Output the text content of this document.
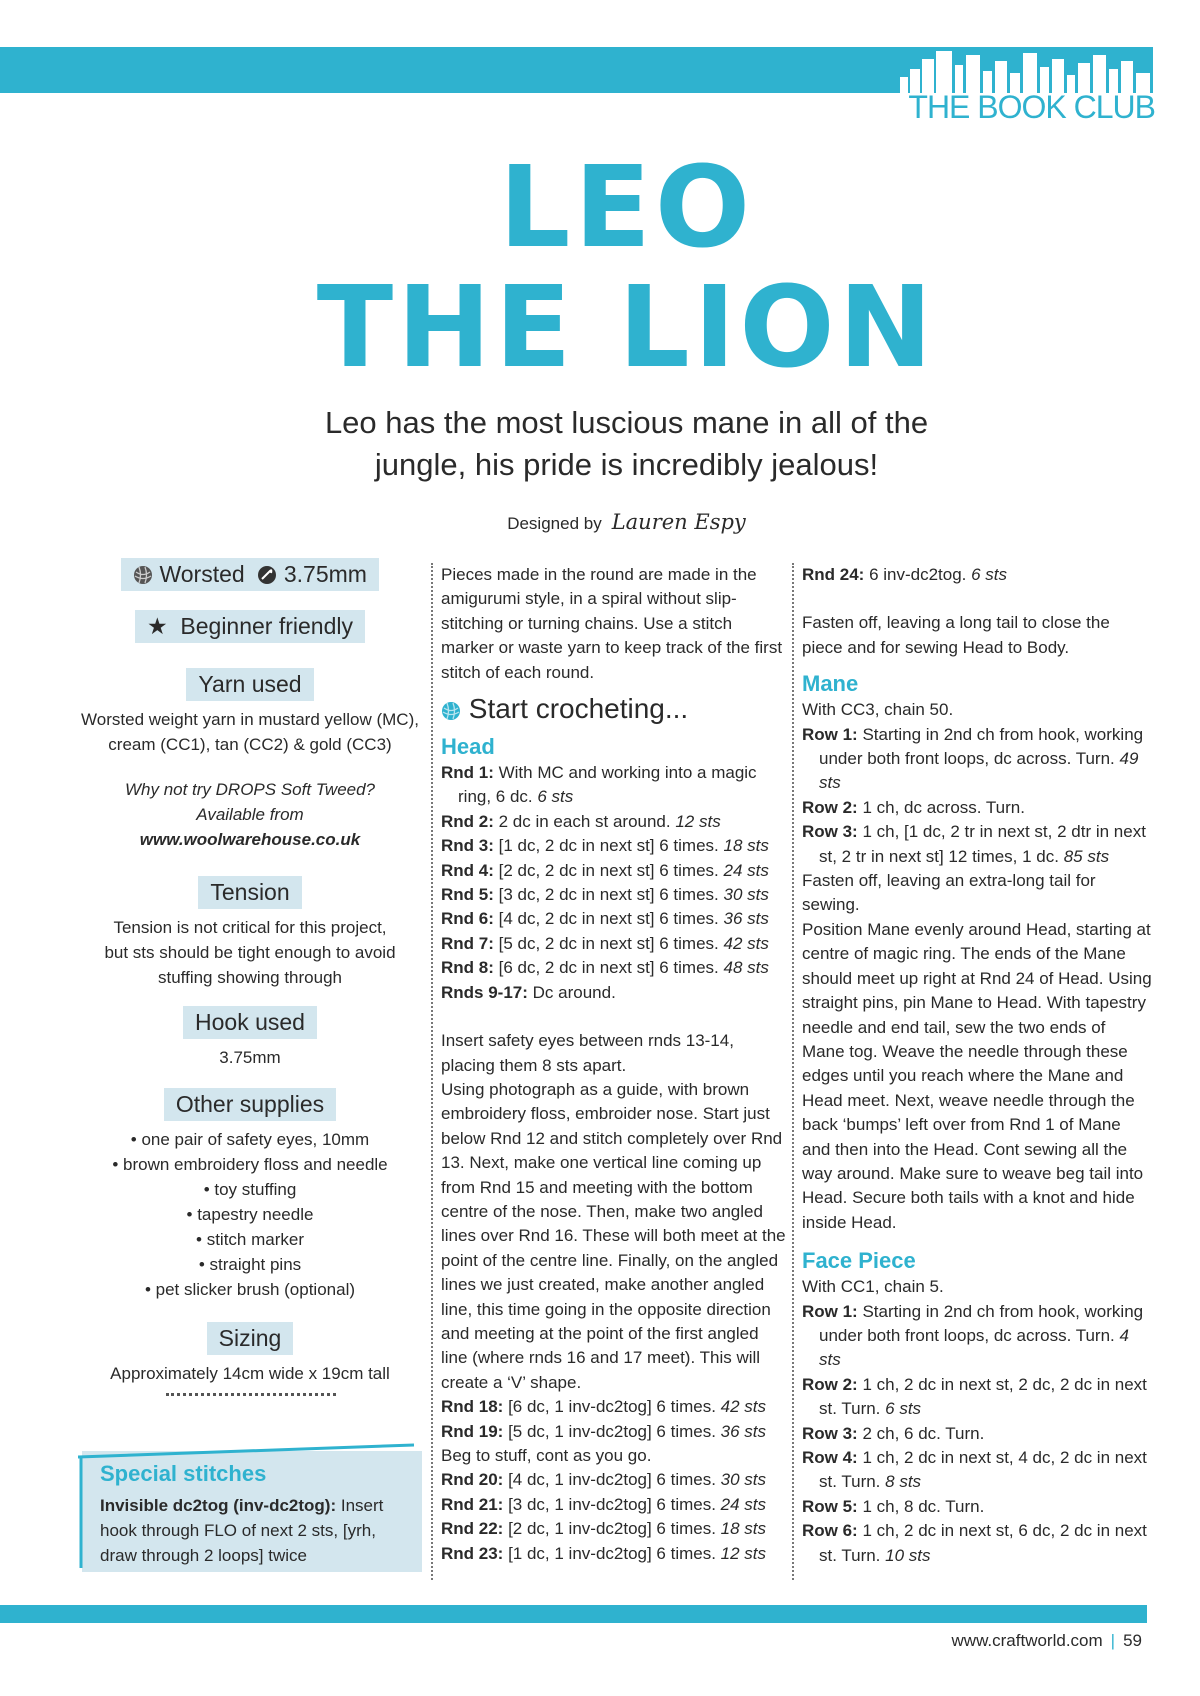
THE BOOK CLUB
LEO
THE LION
Leo has the most luscious mane in all of the
jungle, his pride is incredibly jealous!
Designed by Lauren Espy
Worsted 3.75mm
★ Beginner friendly
Yarn used

Worsted weight yarn in mustard yellow (MC),

cream (CC1), tan (CC2) & gold (CC3)

Why not try DROPS Soft Tweed?

Available from

www.woolwarehouse.co.uk

Tension

Tension is not critical for this project,

but sts should be tight enough to avoid

stuffing showing through

Hook used

3.75mm

Other supplies

• one pair of safety eyes, 10mm

• brown embroidery floss and needle

• toy stuffing

• tapestry needle

• stitch marker

• straight pins

• pet slicker brush (optional)

Sizing

Approximately 14cm wide x 19cm tall

Special stitches

Invisible dc2tog (inv-dc2tog): Insert hook through FLO of next 2 sts, [yrh, draw through 2 loops] twice

Pieces made in the round are made in the amigurumi style, in a spiral without slip-stitching or turning chains. Use a stitch marker or waste yarn to keep track of the first stitch of each round.

Start crocheting...

Head

Rnd 1: With MC and working into a magic ring, 6 dc. 6 sts

Rnd 2: 2 dc in each st around. 12 sts

Rnd 3: [1 dc, 2 dc in next st] 6 times. 18 sts

Rnd 4: [2 dc, 2 dc in next st] 6 times. 24 sts

Rnd 5: [3 dc, 2 dc in next st] 6 times. 30 sts

Rnd 6: [4 dc, 2 dc in next st] 6 times. 36 sts

Rnd 7: [5 dc, 2 dc in next st] 6 times. 42 sts

Rnd 8: [6 dc, 2 dc in next st] 6 times. 48 sts

Rnds 9-17: Dc around.

Insert safety eyes between rnds 13-14, placing them 8 sts apart.

Using photograph as a guide, with brown embroidery floss, embroider nose. Start just below Rnd 12 and stitch completely over Rnd 13. Next, make one vertical line coming up from Rnd 15 and meeting with the bottom centre of the nose. Then, make two angled lines over Rnd 16. These will both meet at the point of the centre line. Finally, on the angled lines we just created, make another angled line, this time going in the opposite direction and meeting at the point of the first angled line (where rnds 16 and 17 meet). This will create a ‘V’ shape.

Rnd 18: [6 dc, 1 inv-dc2tog] 6 times. 42 sts

Rnd 19: [5 dc, 1 inv-dc2tog] 6 times. 36 sts

Beg to stuff, cont as you go.

Rnd 20: [4 dc, 1 inv-dc2tog] 6 times. 30 sts

Rnd 21: [3 dc, 1 inv-dc2tog] 6 times. 24 sts

Rnd 22: [2 dc, 1 inv-dc2tog] 6 times. 18 sts

Rnd 23: [1 dc, 1 inv-dc2tog] 6 times. 12 sts

Rnd 24: 6 inv-dc2tog. 6 sts

Fasten off, leaving a long tail to close the piece and for sewing Head to Body.

Mane

With CC3, chain 50.

Row 1: Starting in 2nd ch from hook, working under both front loops, dc across. Turn. 49 sts

Row 2: 1 ch, dc across. Turn.

Row 3: 1 ch, [1 dc, 2 tr in next st, 2 dtr in next st, 2 tr in next st] 12 times, 1 dc. 85 sts

Fasten off, leaving an extra-long tail for sewing.

Position Mane evenly around Head, starting at centre of magic ring. The ends of the Mane should meet up right at Rnd 24 of Head. Using straight pins, pin Mane to Head. With tapestry needle and end tail, sew the two ends of Mane tog. Weave the needle through these edges until you reach where the Mane and Head meet. Next, weave needle through the back ‘bumps’ left over from Rnd 1 of Mane and then into the Head. Cont sewing all the way around. Make sure to weave beg tail into Head. Secure both tails with a knot and hide inside Head.

Face Piece

With CC1, chain 5.

Row 1: Starting in 2nd ch from hook, working under both front loops, dc across. Turn. 4 sts

Row 2: 1 ch, 2 dc in next st, 2 dc, 2 dc in next st. Turn. 6 sts

Row 3: 2 ch, 6 dc. Turn.

Row 4: 1 ch, 2 dc in next st, 4 dc, 2 dc in next st. Turn. 8 sts

Row 5: 1 ch, 8 dc. Turn.

Row 6: 1 ch, 2 dc in next st, 6 dc, 2 dc in next st. Turn. 10 sts

www.craftworld.com | 59
